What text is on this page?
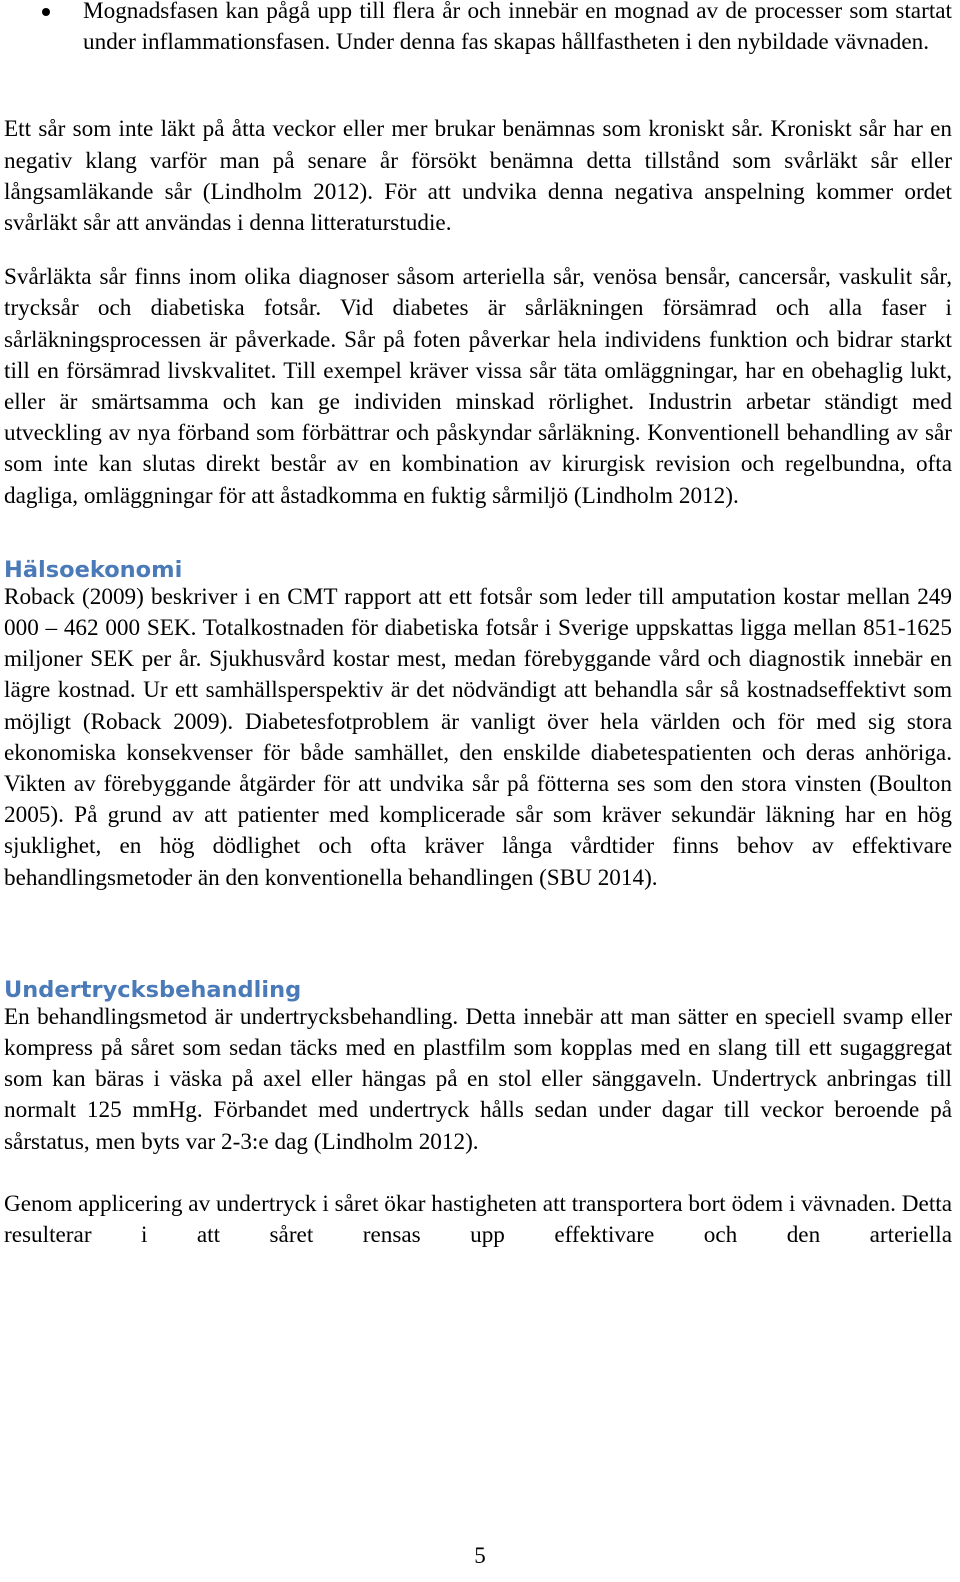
Mognadsfasen kan pågå upp till flera år och innebär en mognad av de processer som startat under inflammationsfasen. Under denna fas skapas hållfastheten i den nybildade vävnaden.

Ett sår som inte läkt på åtta veckor eller mer brukar benämnas som kroniskt sår. Kroniskt sår har en negativ klang varför man på senare år försökt benämna detta tillstånd som svårläkt sår eller långsamläkande sår (Lindholm 2012). För att undvika denna negativa anspelning kommer ordet svårläkt sår att användas i denna litteraturstudie.

Svårläkta sår finns inom olika diagnoser såsom arteriella sår, venösa bensår, cancersår, vaskulit sår, trycksår och diabetiska fotsår. Vid diabetes är sårläkningen försämrad och alla faser i sårläkningsprocessen är påverkade. Sår på foten påverkar hela individens funktion och bidrar starkt till en försämrad livskvalitet. Till exempel kräver vissa sår täta omläggningar, har en obehaglig lukt, eller är smärtsamma och kan ge individen minskad rörlighet. Industrin arbetar ständigt med utveckling av nya förband som förbättrar och påskyndar sårläkning. Konventionell behandling av sår som inte kan slutas direkt består av en kombination av kirurgisk revision och regelbundna, ofta dagliga, omläggningar för att åstadkomma en fuktig sårmiljö (Lindholm 2012).

Hälsoekonomi

Roback (2009) beskriver i en CMT rapport att ett fotsår som leder till amputation kostar mellan 249 000 – 462 000 SEK. Totalkostnaden för diabetiska fotsår i Sverige uppskattas ligga mellan 851-1625 miljoner SEK per år. Sjukhusvård kostar mest, medan förebyggande vård och diagnostik innebär en lägre kostnad. Ur ett samhällsperspektiv är det nödvändigt att behandla sår så kostnadseffektivt som möjligt (Roback 2009). Diabetesfotproblem är vanligt över hela världen och för med sig stora ekonomiska konsekvenser för både samhället, den enskilde diabetespatienten och deras anhöriga. Vikten av förebyggande åtgärder för att undvika sår på fötterna ses som den stora vinsten (Boulton 2005). På grund av att patienter med komplicerade sår som kräver sekundär läkning har en hög sjuklighet, en hög dödlighet och ofta kräver långa vårdtider finns behov av effektivare behandlingsmetoder än den konventionella behandlingen (SBU 2014).

Undertrycksbehandling

En behandlingsmetod är undertrycksbehandling. Detta innebär att man sätter en speciell svamp eller kompress på såret som sedan täcks med en plastfilm som kopplas med en slang till ett sugaggregat som kan bäras i väska på axel eller hängas på en stol eller sänggaveln. Undertryck anbringas till normalt 125 mmHg. Förbandet med undertryck hålls sedan under dagar till veckor beroende på sårstatus, men byts var 2-3:e dag (Lindholm 2012).

Genom applicering av undertryck i såret ökar hastigheten att transportera bort ödem i vävnaden. Detta resulterar i att såret rensas upp effektivare och den arteriella

5
